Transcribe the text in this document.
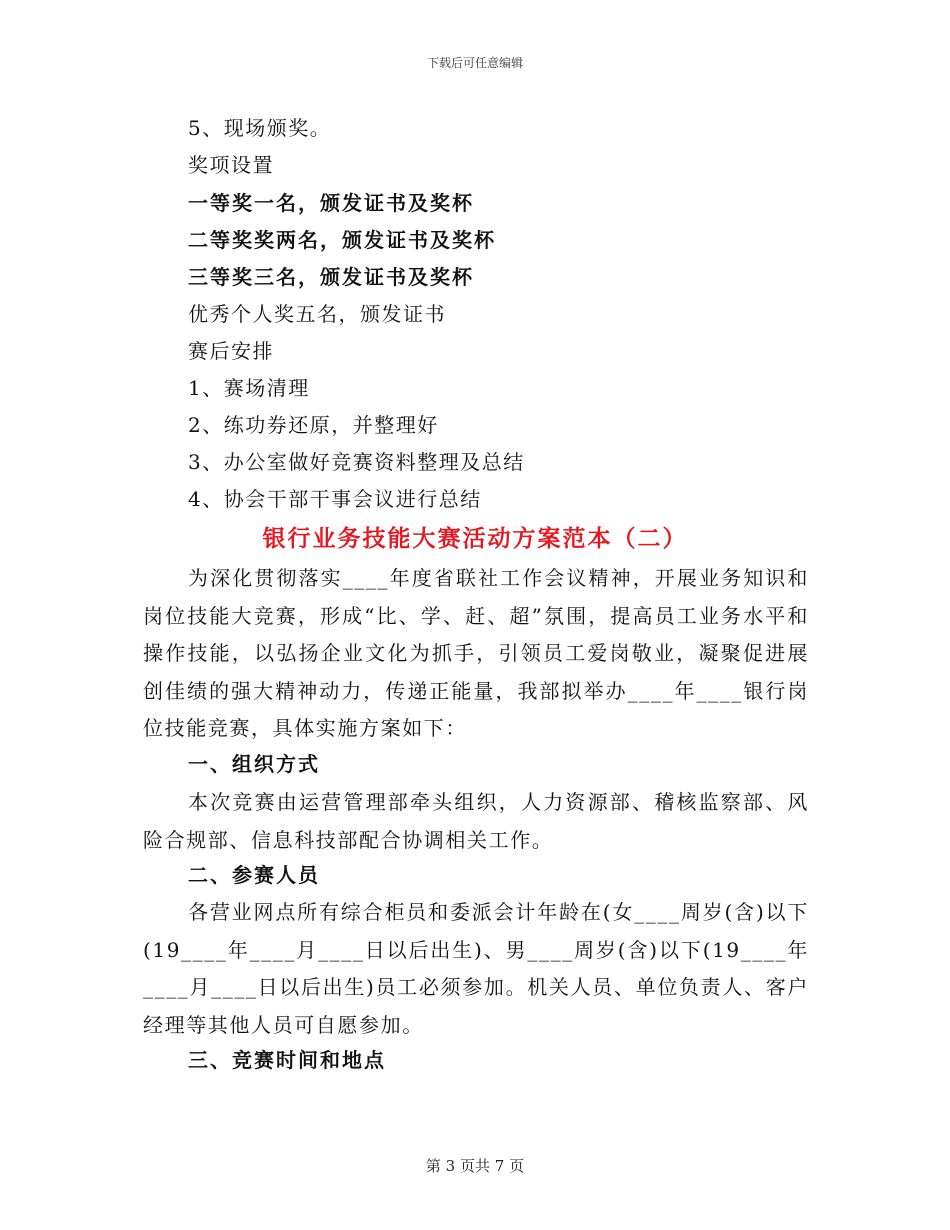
下载后可任意编辑
5、现场颁奖。
奖项设置
一等奖一名，颁发证书及奖杯
二等奖奖两名，颁发证书及奖杯
三等奖三名，颁发证书及奖杯
优秀个人奖五名，颁发证书
赛后安排
1、赛场清理
2、练功券还原，并整理好
3、办公室做好竞赛资料整理及总结
4、协会干部干事会议进行总结
银行业务技能大赛活动方案范本（二）
为深化贯彻落实____年度省联社工作会议精神，开展业务知识和岗位技能大竞赛，形成“比、学、赶、超”氛围，提高员工业务水平和操作技能，以弘扬企业文化为抓手，引领员工爱岗敬业，凝聚促进展创佳绩的强大精神动力，传递正能量，我部拟举办____年____银行岗位技能竞赛，具体实施方案如下：
一、组织方式
本次竞赛由运营管理部牵头组织，人力资源部、稽核监察部、风险合规部、信息科技部配合协调相关工作。
二、参赛人员
各营业网点所有综合柜员和委派会计年龄在(女____周岁(含)以下(19____年____月____日以后出生)、男____周岁(含)以下(19____年____月____日以后出生)员工必须参加。机关人员、单位负责人、客户经理等其他人员可自愿参加。
三、竞赛时间和地点
第 3 页共 7 页
